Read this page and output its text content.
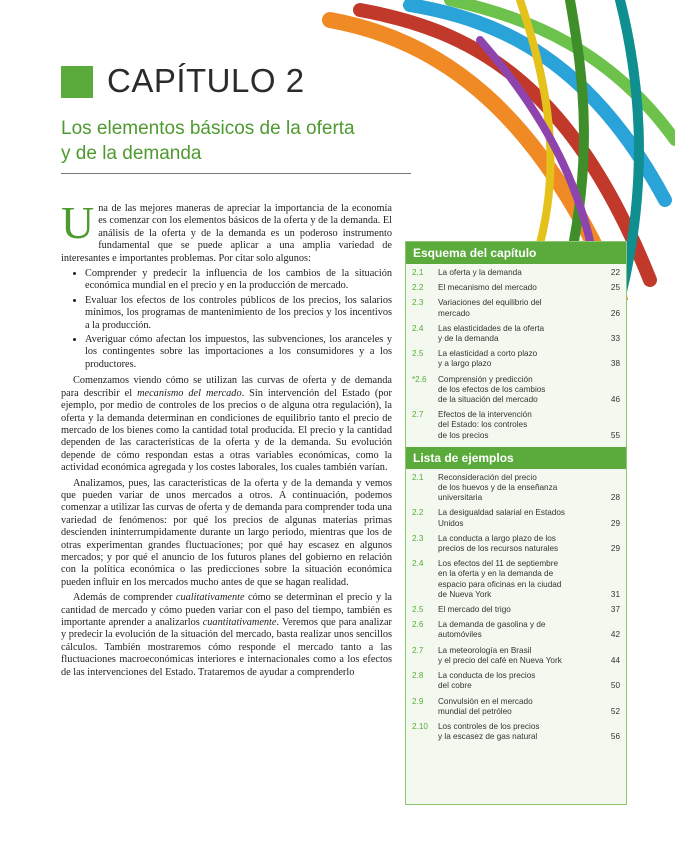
CAPÍTULO 2
Los elementos básicos de la oferta
y de la demanda

Una de las mejores maneras de apreciar la importancia de la economía es comenzar con los elementos básicos de la oferta y de la demanda. El análisis de la oferta y de la demanda es un poderoso instrumento fundamental que se puede aplicar a una amplia variedad de interesantes e importantes problemas. Por citar solo algunos:

• Comprender y predecir la influencia de los cambios de la situación económica mundial en el precio y en la producción de mercado.
• Evaluar los efectos de los controles públicos de los precios, los salarios mínimos, los programas de mantenimiento de los precios y los incentivos a la producción.
• Averiguar cómo afectan los impuestos, las subvenciones, los aranceles y los contingentes sobre las importaciones a los consumidores y a los productores.

Comenzamos viendo cómo se utilizan las curvas de oferta y de demanda para describir el mecanismo del mercado. Sin intervención del Estado (por ejemplo, por medio de controles de los precios o de alguna otra regulación), la oferta y la demanda determinan en condiciones de equilibrio tanto el precio de mercado de los bienes como la cantidad total producida. El precio y la cantidad dependen de las características de la oferta y de la demanda. Su evolución depende de cómo respondan estas a otras variables económicas, como la actividad económica agregada y los costes laborales, los cuales también varían.

Analizamos, pues, las características de la oferta y de la demanda y vemos que pueden variar de unos mercados a otros. A continuación, podemos comenzar a utilizar las curvas de oferta y de demanda para comprender toda una variedad de fenómenos: por qué los precios de algunas materias primas descienden ininterrumpidamente durante un largo periodo, mientras que los de otras experimentan grandes fluctuaciones; por qué hay escasez en algunos mercados; y por qué el anuncio de los futuros planes del gobierno en relación con la política económica o las predicciones sobre la situación económica pueden influir en los mercados mucho antes de que se hagan realidad.

Además de comprender cualitativamente cómo se determinan el precio y la cantidad de mercado y cómo pueden variar con el paso del tiempo, también es importante aprender a analizarlos cuantitativamente. Veremos que para analizar y predecir la evolución de la situación del mercado, basta realizar unos sencillos cálculos. También mostraremos cómo responde el mercado tanto a las fluctuaciones macroeconómicas interiores e internacionales como a los efectos de las intervenciones del Estado. Trataremos de ayudar a comprenderlo

Esquema del capítulo
2.1	La oferta y la demanda	22
2.2	El mecanismo del mercado	25
2.3	Variaciones del equilibrio del
mercado	26
2.4	Las elasticidades de la oferta
y de la demanda	33
2.5	La elasticidad a corto plazo
y a largo plazo	38
*2.6	Comprensión y predicción
de los efectos de los cambios
de la situación del mercado	46
2.7	Efectos de la intervención
del Estado: los controles
de los precios	55
Lista de ejemplos
2.1	Reconsideración del precio
de los huevos y de la enseñanza
universitaria	28
2.2	La desigualdad salarial en Estados
Unidos	29
2.3	La conducta a largo plazo de los
precios de los recursos naturales	29
2.4	Los efectos del 11 de septiembre
en la oferta y en la demanda de
espacio para oficinas en la ciudad
de Nueva York	31
2.5	El mercado del trigo	37
2.6	La demanda de gasolina y de
automóviles	42
2.7	La meteorología en Brasil
y el precio del café en Nueva York	44
2.8	La conducta de los precios
del cobre	50
2.9	Convulsión en el mercado
mundial del petróleo	52
2.10	Los controles de los precios
y la escasez de gas natural	56
